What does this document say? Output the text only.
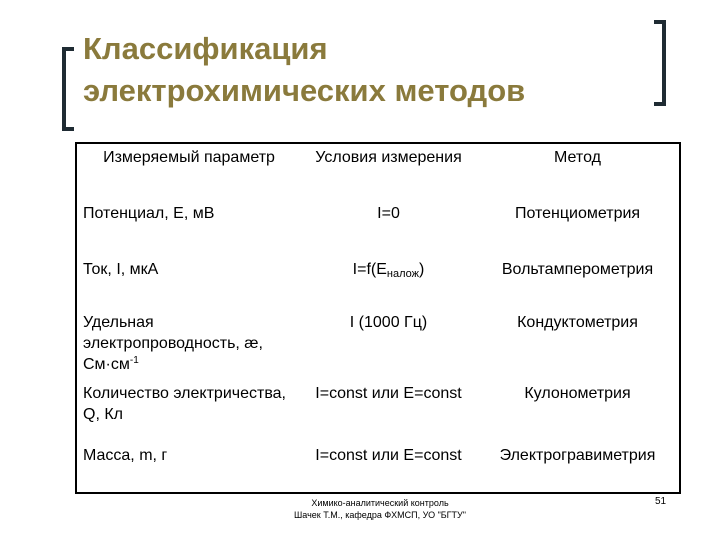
Классификация
электрохимических методов
Измеряемый параметр	Условия измерения	Метод
Потенциал, Е, мВ	I=0	Потенциометрия
Ток, I, мкА	$I=f(E_{налож})$	Вольтамперометрия
Удельная электропроводность, æ, $См\cdot см^{-1}$	I (1000 Гц)	Кондуктометрия
Количество электричества, Q, Кл	I=const или E=const	Кулонометрия
Масса, m, г	I=const или E=const	Электрогравиметрия
Химико-аналитический контроль
Шачек Т.М., кафедра ФХМСП, УО "БГТУ"
51
